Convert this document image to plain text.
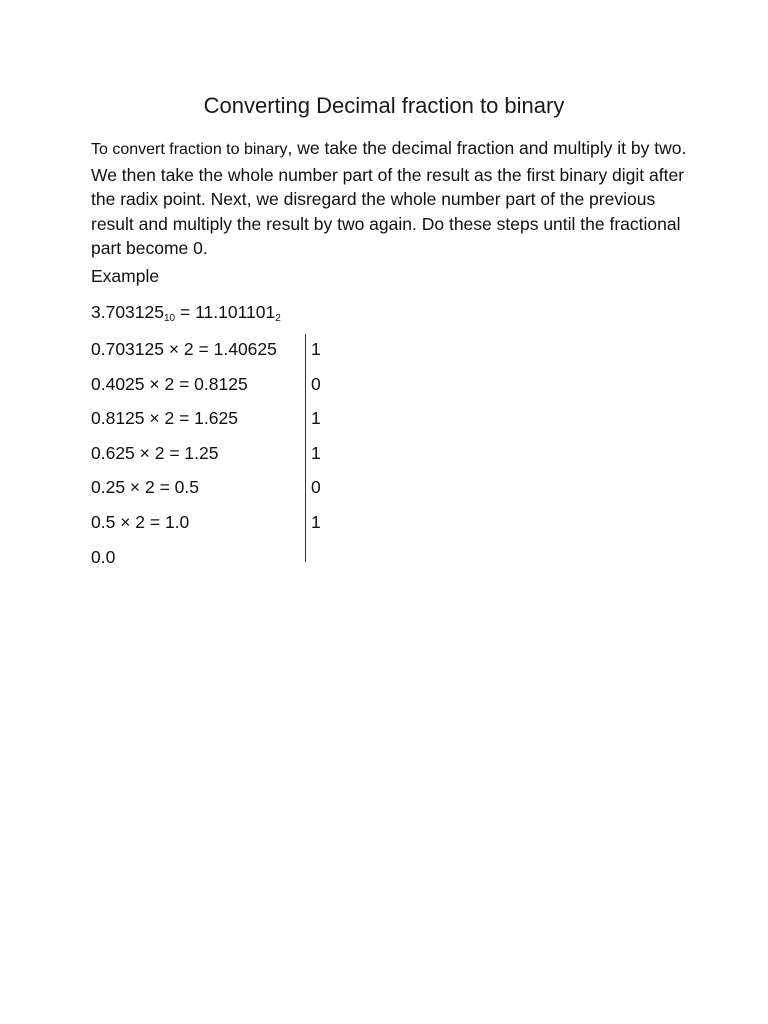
Converting Decimal fraction to binary

To convert fraction to binary, we take the decimal fraction and multiply it by two. We then take the whole number part of the result as the first binary digit after the radix point. Next, we disregard the whole number part of the previous result and multiply the result by two again. Do these steps until the fractional part become 0.

Example
$3.703125_{10} = 11.101101_2$
0.703125 × 2 = 1.40625 1
0.4025 × 2 = 0.8125	0
0.8125 × 2 = 1.625	1
0.625 × 2 = 1.25	1
0.25 × 2 = 0.5	0
0.5 × 2 = 1.0	1
0.0
